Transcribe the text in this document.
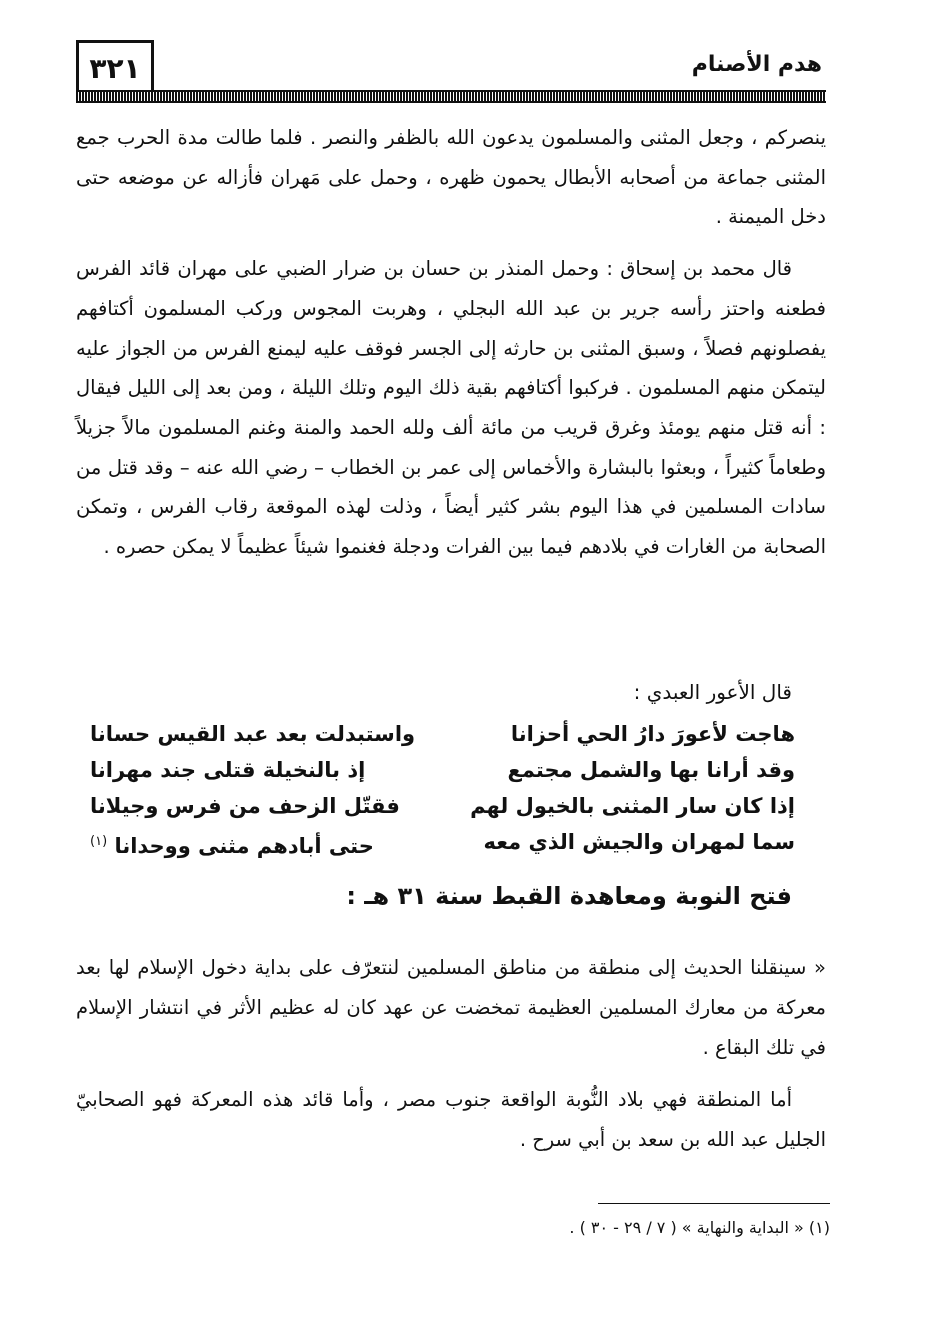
٣٢١	هدم الأصنام

ينصركم ، وجعل المثنى والمسلمون يدعون الله بالظفر والنصر . فلما طالت مدة الحرب جمع المثنى جماعة من أصحابه الأبطال يحمون ظهره ، وحمل على مَهران فأزاله عن موضعه حتى دخل الميمنة .

قال محمد بن إسحاق : وحمل المنذر بن حسان بن ضرار الضبي على مهران قائد الفرس فطعنه واحتز رأسه جرير بن عبد الله البجلي ، وهربت المجوس وركب المسلمون أكتافهم يفصلونهم فصلاً ، وسبق المثنى بن حارثه إلى الجسر فوقف عليه ليمنع الفرس من الجواز عليه ليتمكن منهم المسلمون . فركبوا أكتافهم بقية ذلك اليوم وتلك الليلة ، ومن بعد إلى الليل فيقال : أنه قتل منهم يومئذ وغرق قريب من مائة ألف ولله الحمد والمنة وغنم المسلمون مالاً جزيلاً وطعاماً كثيراً ، وبعثوا بالبشارة والأخماس إلى عمر بن الخطاب – رضي الله عنه – وقد قتل من سادات المسلمين في هذا اليوم بشر كثير أيضاً ، وذلت لهذه الموقعة رقاب الفرس ، وتمكن الصحابة من الغارات في بلادهم فيما بين الفرات ودجلة فغنموا شيئاً عظيماً لا يمكن حصره .

قال الأعور العبدي :
هاجت لأعورَ دارُ الحي أحزانا
واستبدلت بعد عبد القيس حسانا
وقد أرانا بها والشمل مجتمع
إذ بالنخيلة قتلى جند مهرانا
إذا كان سار المثنى بالخيول لهم
فقتّل الزحف من فرس وجيلانا
سما لمهران والجيش الذي معه
حتى أبادهم مثنى ووحدانا $^{(١)}$
فتح النوبة ومعاهدة القبط سنة ٣١ هـ :

« سينقلنا الحديث إلى منطقة من مناطق المسلمين لنتعرّف على بداية دخول الإسلام لها بعد معركة من معارك المسلمين العظيمة تمخضت عن عهد كان له عظيم الأثر في انتشار الإسلام في تلك البقاع .

أما المنطقة فهي بلاد النُّوبة الواقعة جنوب مصر ، وأما قائد هذه المعركة فهو الصحابيّ الجليل عبد الله بن سعد بن أبي سرح .

(١) « البداية والنهاية » ( ٧ / ٢٩ - ٣٠ ) .
